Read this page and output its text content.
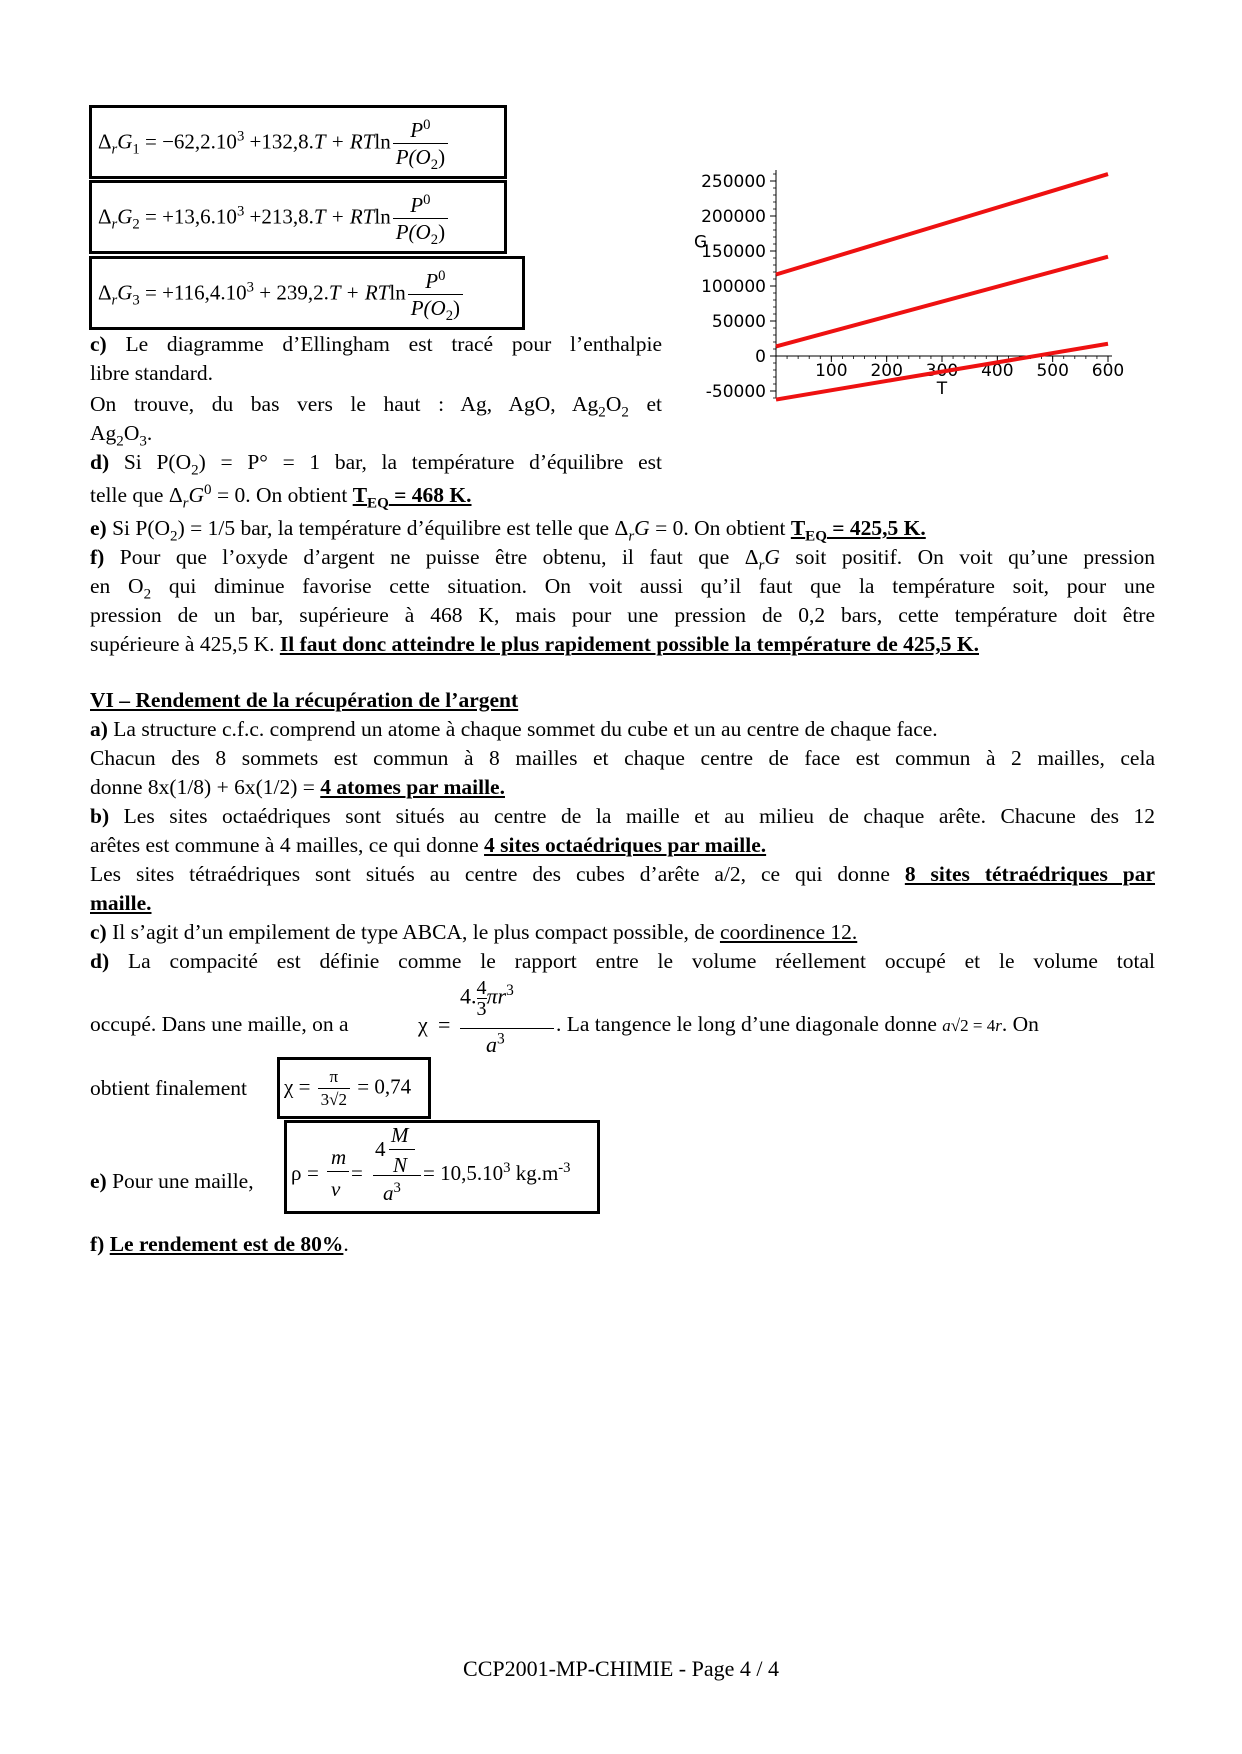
$\Delta_rG_1 = -62,2.10^3 +132,8.T + RTln \frac{P^0}{P(O_2)}$
$\Delta_rG_2 = +13,6.10^3 +213,8.T + RTln \frac{P^0}{P(O_2)}$
$\Delta_rG_3 = +116,4.10^3 + 239,2.T + RTln \frac{P^0}{P(O_2)}$
-50000
0
50000
100000
150000
200000
250000
100 200 300 400 500 600
T
G
c) Le diagramme d’Ellingham est tracé pour l’enthalpie
libre standard.
On trouve, du bas vers le haut : Ag, AgO, $Ag_2O_2$ et
$Ag_2O_3$.
d) Si $P(O_2) = P^\circ = 1$ bar, la température d’équilibre est
telle que $\Delta_rG^0 = 0$. On obtient $T_{EQ} = 468$ K.
e) Si $P(O_2) = 1/5$ bar, la température d’équilibre est telle que $\Delta_rG = 0$. On obtient $T_{EQ} = 425,5$ K.
f) Pour que l’oxyde d’argent ne puisse être obtenu, il faut que $\Delta_rG$ soit positif. On voit qu’une pression
en $O_2$ qui diminue favorise cette situation. On voit aussi qu’il faut que la température soit, pour une
pression de un bar, supérieure à 468 K, mais pour une pression de 0,2 bars, cette température doit être
supérieure à 425,5 K. Il faut donc atteindre le plus rapidement possible la température de 425,5 K.
VI – Rendement de la récupération de l’argent
a) La structure c.f.c. comprend un atome à chaque sommet du cube et un au centre de chaque face.
Chacun des 8 sommets est commun à 8 mailles et chaque centre de face est commun à 2 mailles, cela
donne 8x(1/8) + 6x(1/2) = 4 atomes par maille.
b) Les sites octaédriques sont situés au centre de la maille et au milieu de chaque arête. Chacune des 12
arêtes est commune à 4 mailles, ce qui donne 4 sites octaédriques par maille.
Les sites tétraédriques sont situés au centre des cubes d’arête a/2, ce qui donne 8 sites tétraédriques par
maille.
c) Il s’agit d’un empilement de type ABCA, le plus compact possible, de coordinence 12.
d) La compacité est définie comme le rapport entre le volume réellement occupé et le volume total
occupé. Dans une maille, on a	χ =
4. $\frac{4}{3} \pi r^3$
$a^3$
. La tangence le long d’une diagonale donne a√2 = 4r. On
obtient finalement $\chi = \frac{\pi}{3√2} = 0,74$
e) Pour une maille, ρ =
m
v
=
4
M
N
$a^3$
= $10,5.10^3$ $kg.m^{-3}$
f) Le rendement est de 80%.
CCP2001-MP-CHIMIE - Page 4 / 4
